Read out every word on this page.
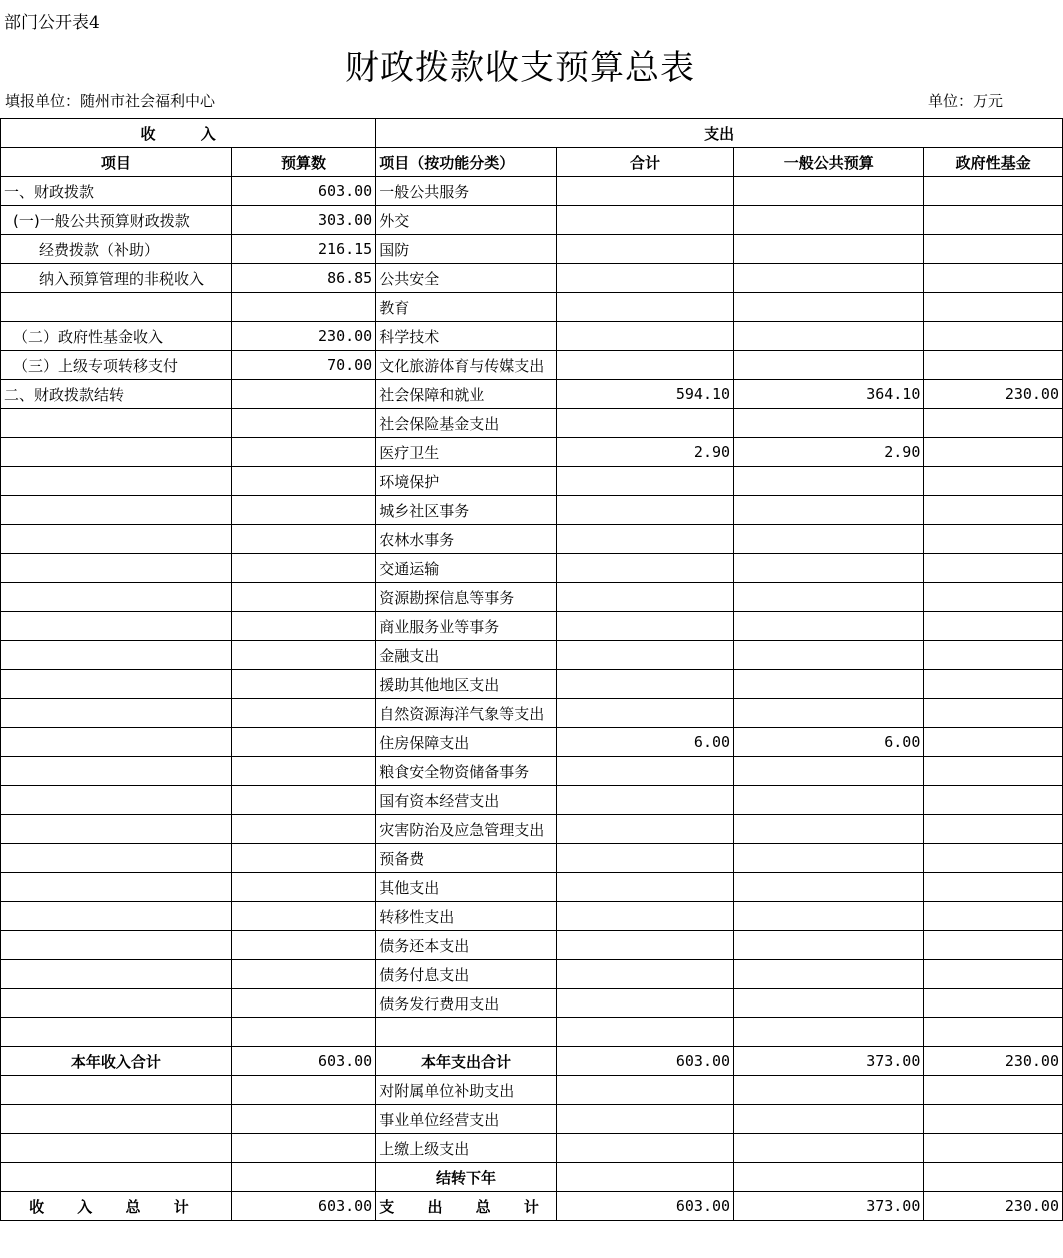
部门公开表4
财政拨款收支预算总表
填报单位：随州市社会福利中心	单位：万元
收 入		支出			
项目	预算数	项目（按功能分类）	合计	一般公共预算	政府性基金
一、财政拨款	603.00	一般公共服务			
(一)一般公共预算财政拨款	303.00	外交			
经费拨款（补助）	216.15	国防			
纳入预算管理的非税收入	86.85	公共安全			
		教育			
（二）政府性基金收入	230.00	科学技术			
（三）上级专项转移支付	70.00	文化旅游体育与传媒支出			
二、财政拨款结转		社会保障和就业	594.10	364.10	230.00
		社会保险基金支出			
		医疗卫生	2.90	2.90	
		环境保护			
		城乡社区事务			
		农林水事务			
		交通运输			
		资源勘探信息等事务			
		商业服务业等事务			
		金融支出			
		援助其他地区支出			
		自然资源海洋气象等支出			
		住房保障支出	6.00	6.00	
		粮食安全物资储备事务			
		国有资本经营支出			
		灾害防治及应急管理支出			
		预备费			
		其他支出			
		转移性支出			
		债务还本支出			
		债务付息支出			
		债务发行费用支出			

本年收入合计	603.00	本年支出合计	603.00	373.00	230.00
		对附属单位补助支出			
		事业单位经营支出			
		上缴上级支出			
		结转下年			
收 入 总 计	603.00	支 出 总 计	603.00	373.00	230.00
